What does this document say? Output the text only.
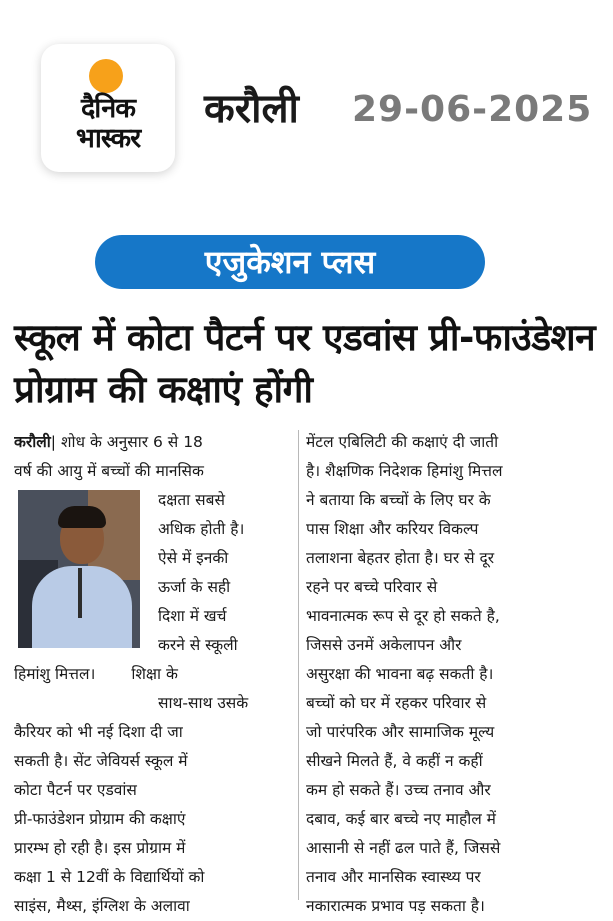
दैनिक
भास्कर
करौली 29-06-2025
एजुकेशन प्लस
स्कूल में कोटा पैटर्न पर एडवांस प्री-फाउंडेशन प्रोग्राम की कक्षाएं होंगी
करौली| शोध के अनुसार 6 से 18
वर्ष की आयु में बच्चों की मानसिक
दक्षता सबसे
अधिक होती है।
ऐसे में इनकी
ऊर्जा के सही
दिशा में खर्च
करने से स्कूली
हिमांशु मित्तल। शिक्षा के
साथ-साथ उसके
कैरियर को भी नई दिशा दी जा
सकती है। सेंट जेवियर्स स्कूल में
कोटा पैटर्न पर एडवांस
प्री-फाउंडेशन प्रोग्राम की कक्षाएं
प्रारम्भ हो रही है। इस प्रोग्राम में
कक्षा 1 से 12वीं के विद्यार्थियों को
साइंस, मैथ्स, इंग्लिश के अलावा
मेंटल एबिलिटी की कक्षाएं दी जाती
है। शैक्षणिक निदेशक हिमांशु मित्तल
ने बताया कि बच्चों के लिए घर के
पास शिक्षा और करियर विकल्प
तलाशना बेहतर होता है। घर से दूर
रहने पर बच्चे परिवार से
भावनात्मक रूप से दूर हो सकते है,
जिससे उनमें अकेलापन और
असुरक्षा की भावना बढ़ सकती है।
बच्चों को घर में रहकर परिवार से
जो पारंपरिक और सामाजिक मूल्य
सीखने मिलते हैं, वे कहीं न कहीं
कम हो सकते हैं। उच्च तनाव और
दबाव, कई बार बच्चे नए माहौल में
आसानी से नहीं ढल पाते हैं, जिससे
तनाव और मानसिक स्वास्थ्य पर
नकारात्मक प्रभाव पड़ सकता है।
